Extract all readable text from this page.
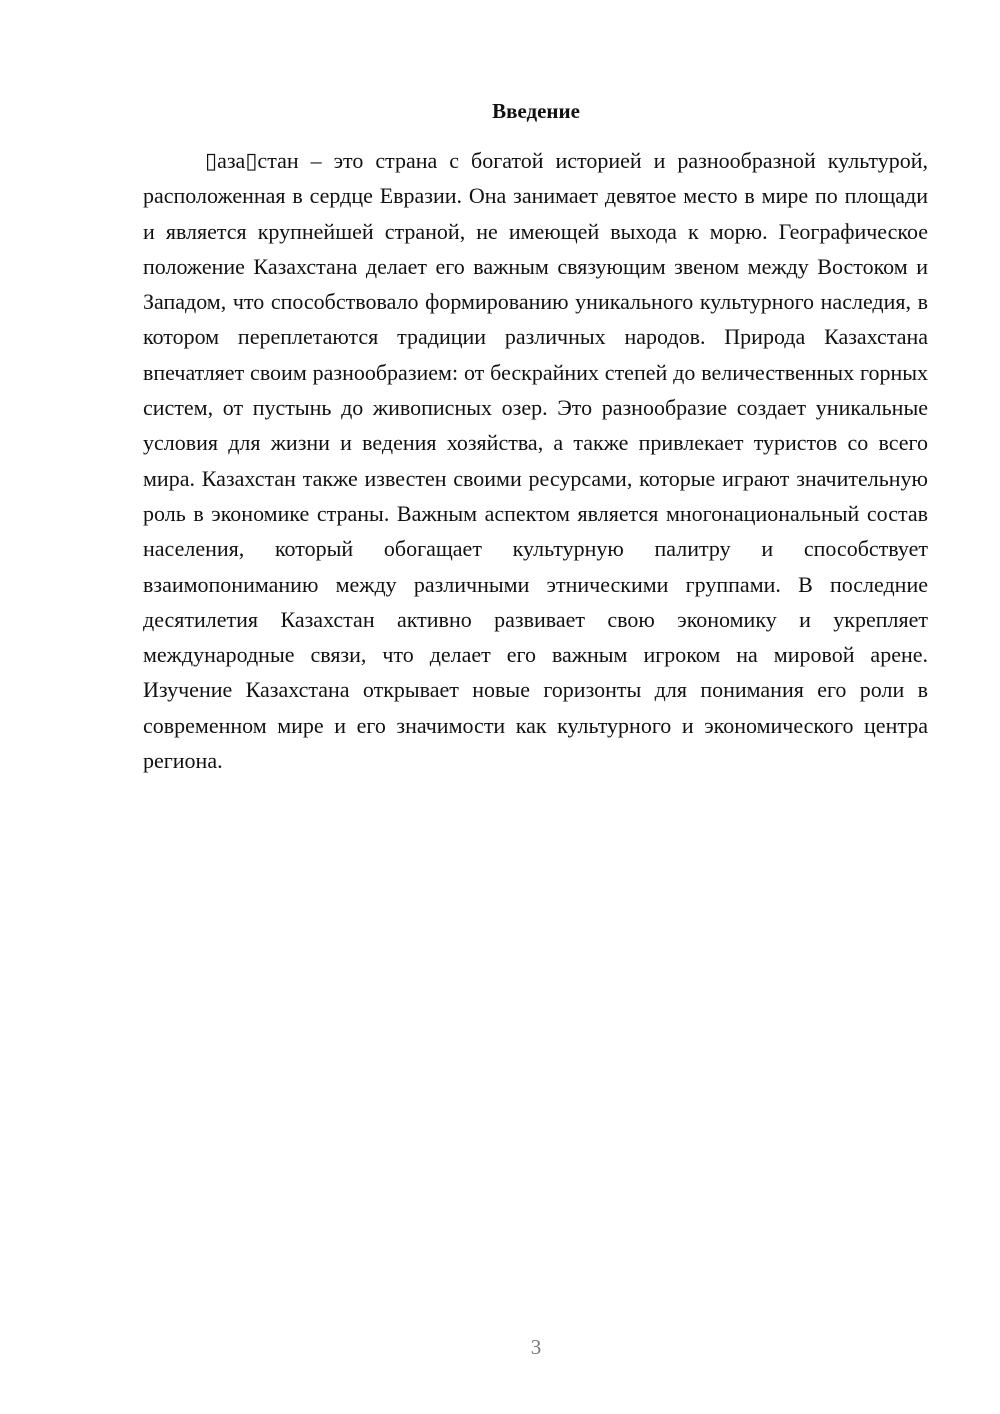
Введение

▯аза▯стан – это страна с богатой историей и разнообразной культурой, расположенная в сердце Евразии. Она занимает девятое место в мире по площади и является крупнейшей страной, не имеющей выхода к морю. Географическое положение Казахстана делает его важным связующим звеном между Востоком и Западом, что способствовало формированию уникального культурного наследия, в котором переплетаются традиции различных народов. Природа Казахстана впечатляет своим разнообразием: от бескрайних степей до величественных горных систем, от пустынь до живописных озер. Это разнообразие создает уникальные условия для жизни и ведения хозяйства, а также привлекает туристов со всего мира. Казахстан также известен своими ресурсами, которые играют значительную роль в экономике страны. Важным аспектом является многонациональный состав населения, который обогащает культурную палитру и способствует взаимопониманию между различными этническими группами. В последние десятилетия Казахстан активно развивает свою экономику и укрепляет международные связи, что делает его важным игроком на мировой арене. Изучение Казахстана открывает новые горизонты для понимания его роли в современном мире и его значимости как культурного и экономического центра региона.

3
